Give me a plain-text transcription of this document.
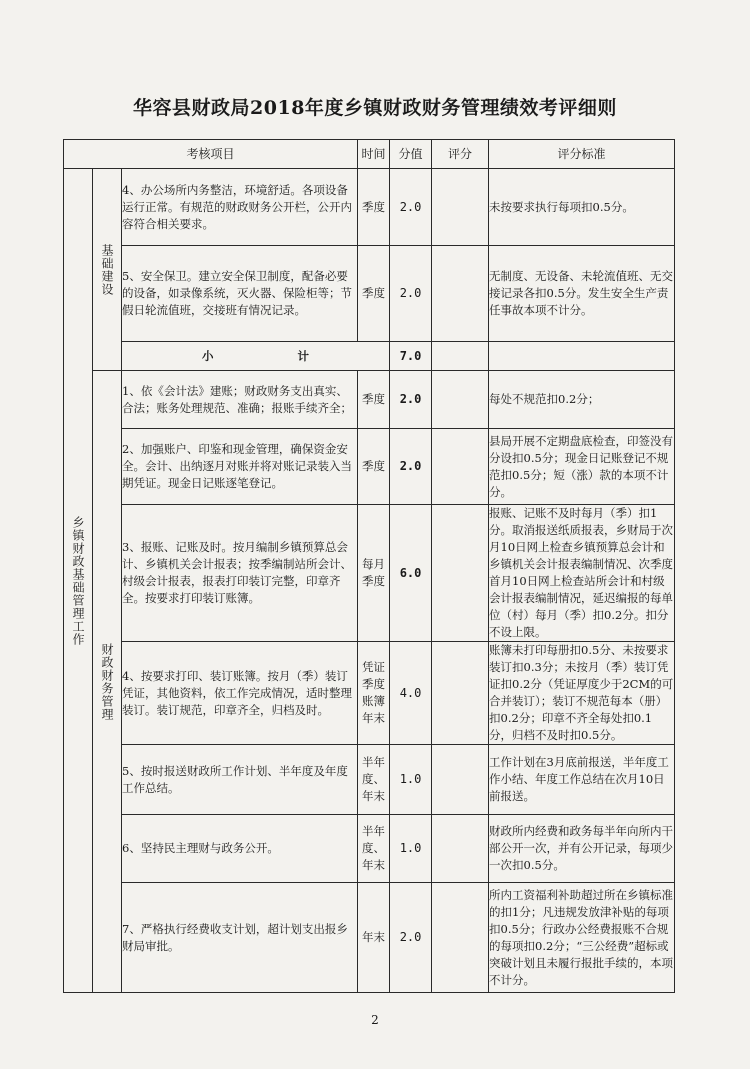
华容县财政局2018年度乡镇财政财务管理绩效考评细则
考核项目			时间	分值	评分	评分标准

乡镇财政基础管理工作	基础建设	4、办公场所内务整洁，环境舒适。各项设备运行正常。有规范的财政财务公开栏，公开内容符合相关要求。	季度	2.0		未按要求执行每项扣0.5分。
		5、安全保卫。建立安全保卫制度，配备必要的设备，如录像系统，灭火器、保险柜等；节假日轮流值班，交接班有情况记录。	季度	2.0		无制度、无设备、未轮流值班、无交接记录各扣0.5分。发生安全生产责任事故本项不计分。
		小 计		7.0		

	财政财务管理	1、依《会计法》建账；财政财务支出真实、合法；账务处理规范、准确；报账手续齐全；	季度	2.0		每处不规范扣0.2分；
		2、加强账户、印鉴和现金管理，确保资金安全。会计、出纳逐月对账并将对账记录装入当期凭证。现金日记账逐笔登记。	季度	2.0		县局开展不定期盘底检查，印签没有分设扣0.5分；现金日记账登记不规范扣0.5分；短（涨）款的本项不计分。
		3、报账、记账及时。按月编制乡镇预算总会计、乡镇机关会计报表；按季编制站所会计、村级会计报表，报表打印装订完整，印章齐全。按要求打印装订账簿。	每月季度	6.0		报账、记账不及时每月（季）扣1分。取消报送纸质报表，乡财局于次月10日网上检查乡镇预算总会计和乡镇机关会计报表编制情况、次季度首月10日网上检查站所会计和村级会计报表编制情况，延迟编报的每单位（村）每月（季）扣0.2分。扣分不设上限。
		4、按要求打印、装订账簿。按月（季）装订凭证，其他资料，依工作完成情况，适时整理装订。装订规范，印章齐全，归档及时。	凭证季度账簿年末	4.0		账簿未打印每册扣0.5分、未按要求装订扣0.3分；未按月（季）装订凭证扣0.2分（凭证厚度少于2CM的可合并装订）；装订不规范每本（册）扣0.2分；印章不齐全每处扣0.1分，归档不及时扣0.5分。
		5、按时报送财政所工作计划、半年度及年度工作总结。	半年度、年末	1.0		工作计划在3月底前报送，半年度工作小结、年度工作总结在次月10日前报送。
		6、坚持民主理财与政务公开。	半年度、年末	1.0		财政所内经费和政务每半年向所内干部公开一次，并有公开记录，每项少一次扣0.5分。
		7、严格执行经费收支计划，超计划支出报乡财局审批。	年末	2.0		所内工资福利补助超过所在乡镇标准的扣1分；凡违规发放津补贴的每项扣0.5分；行政办公经费报账不合规的每项扣0.2分；“三公经费”超标或突破计划且未履行报批手续的，本项不计分。
2
